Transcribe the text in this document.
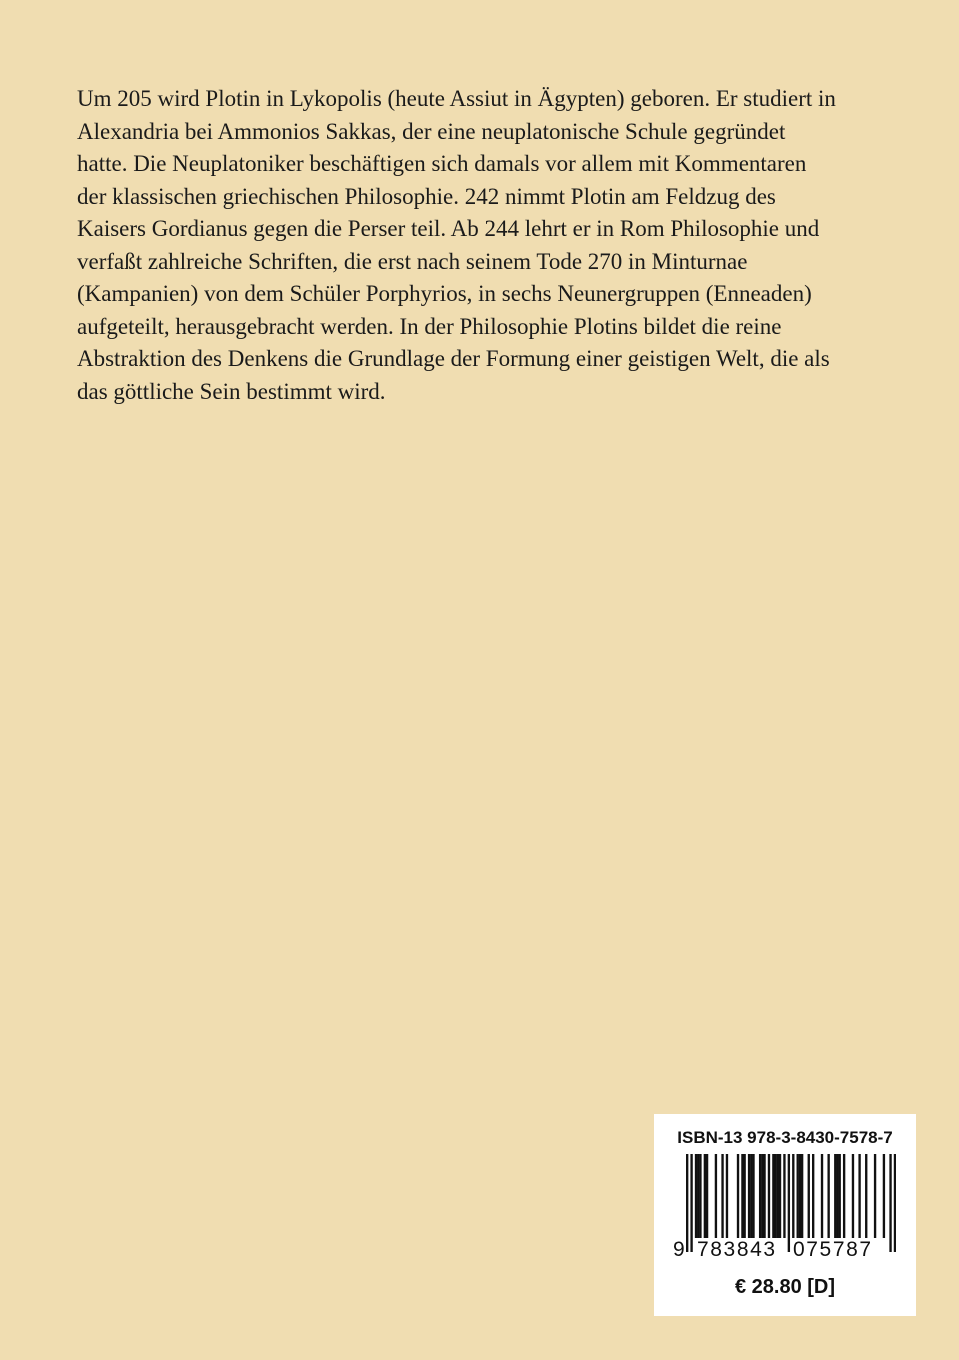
Um 205 wird Plotin in Lykopolis (heute Assiut in Ägypten) geboren. Er studiert in
Alexandria bei Ammonios Sakkas, der eine neuplatonische Schule gegründet
hatte. Die Neuplatoniker beschäftigen sich damals vor allem mit Kommentaren
der klassischen griechischen Philosophie. 242 nimmt Plotin am Feldzug des
Kaisers Gordianus gegen die Perser teil. Ab 244 lehrt er in Rom Philosophie und
verfaßt zahlreiche Schriften, die erst nach seinem Tode 270 in Minturnae
(Kampanien) von dem Schüler Porphyrios, in sechs Neunergruppen (Enneaden)
aufgeteilt, herausgebracht werden. In der Philosophie Plotins bildet die reine
Abstraktion des Denkens die Grundlage der Formung einer geistigen Welt, die als
das göttliche Sein bestimmt wird.
ISBN-13 978-3-8430-7578-7
9 783843 075787
€ 28.80 [D]
